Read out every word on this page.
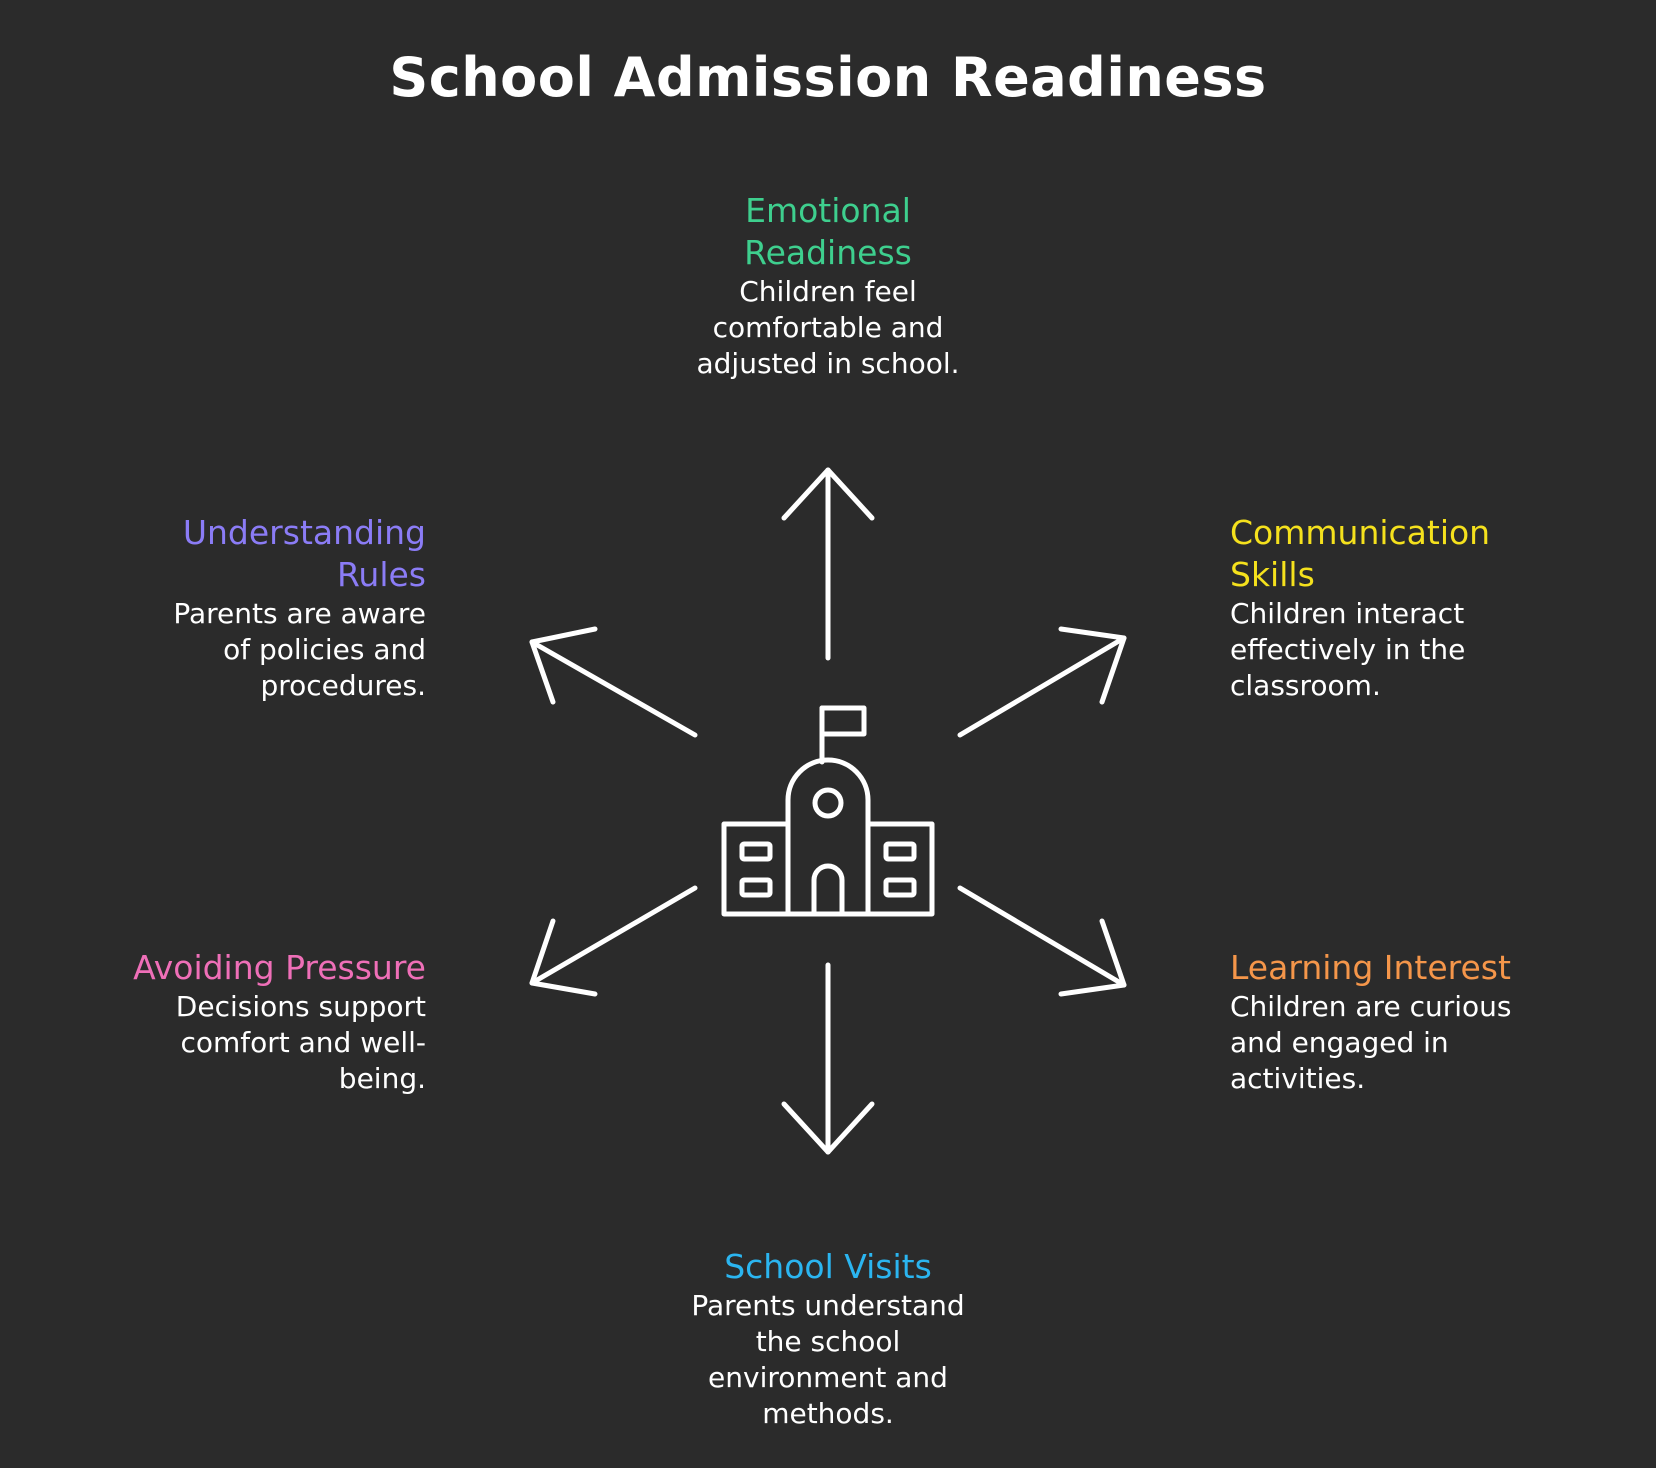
School Admission Readiness
Emotional
Readiness
Children feel
comfortable and
adjusted in school.
Communication
Skills
Children interact
effectively in the
classroom.
Learning Interest
Children are curious
and engaged in
activities.
School Visits
Parents understand
the school
environment and
methods.
Avoiding Pressure
Decisions support
comfort and well-
being.
Understanding
Rules
Parents are aware
of policies and
procedures.
